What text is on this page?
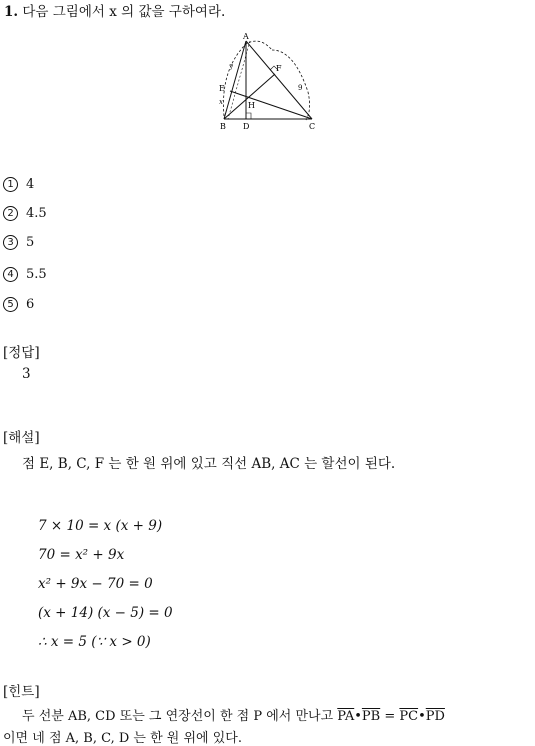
1. 다음 그림에서 x 의 값을 구하여라.
A
B D	C
E
F
H
7
x
9
1 4
2 4.5
3 5
4 5.5
5 6
[정답]
3
[해설]
점 E, B, C, F 는 한 원 위에 있고 직선 AB, AC 는 할선이 된다.
7 × 10 = x (x + 9)
70 = x² + 9x
x² + 9x − 70 = 0
(x + 14) (x − 5) = 0
∴ x = 5 (∵ x > 0)
[힌트]
두 선분 AB, CD 또는 그 연장선이 한 점 P 에서 만나고 $\overline{PA}•\overline{PB}$ = $\overline{PC}•\overline{PD}$
이면 네 점 A, B, C, D 는 한 원 위에 있다.
